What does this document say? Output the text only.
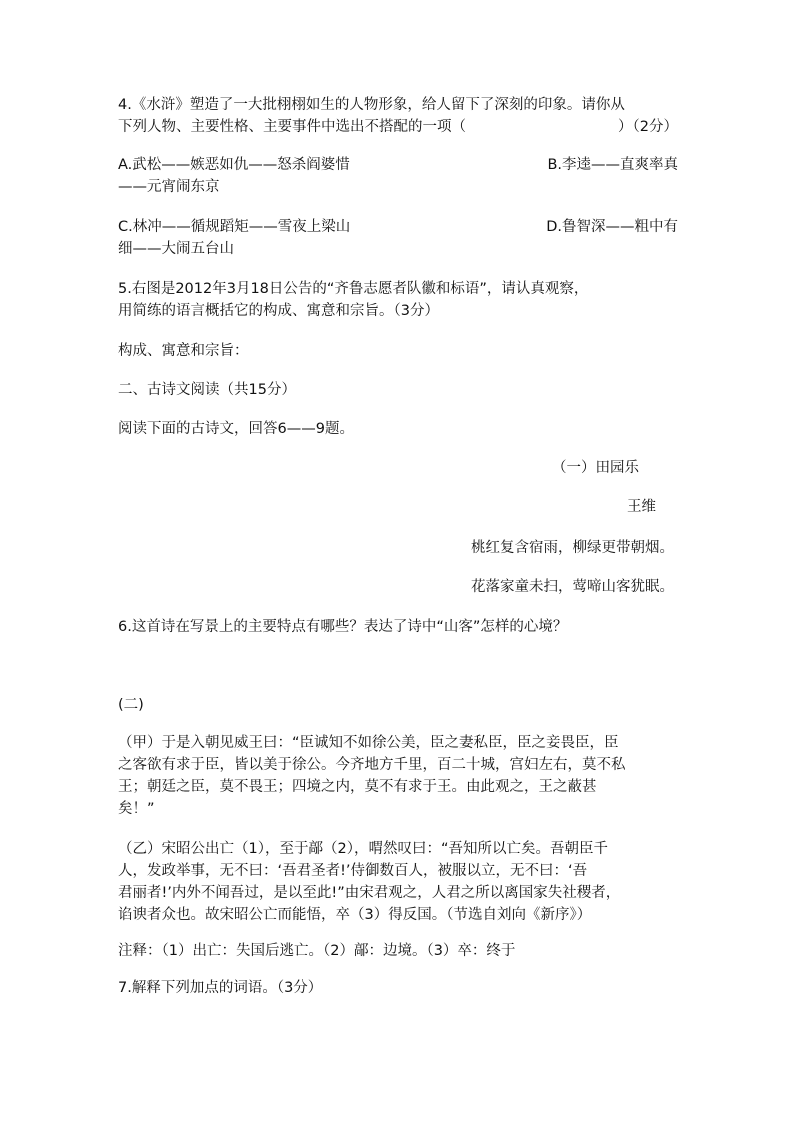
4.《水浒》塑造了一大批栩栩如生的人物形象，给人留下了深刻的印象。请你从
下列人物、主要性格、主要事件中选出不搭配的一项（	）（2分）
A.武松——嫉恶如仇——怒杀阎婆惜	B.李逵——直爽率真
——元宵闹东京
C.林冲——循规蹈矩——雪夜上梁山	D.鲁智深——粗中有
细——大闹五台山
5.右图是2012年3月18日公告的“齐鲁志愿者队徽和标语”，请认真观察，
用简练的语言概括它的构成、寓意和宗旨。（3分）
构成、寓意和宗旨：
二、古诗文阅读（共15分）
阅读下面的古诗文，回答6——9题。
（一）田园乐
王维
桃红复含宿雨，柳绿更带朝烟。
花落家童未扫，莺啼山客犹眠。
6.这首诗在写景上的主要特点有哪些？表达了诗中“山客”怎样的心境？
(二)
（甲）于是入朝见威王曰：“臣诚知不如徐公美，臣之妻私臣，臣之妾畏臣，臣
之客欲有求于臣，皆以美于徐公。今齐地方千里，百二十城，宫妇左右，莫不私
王；朝廷之臣，莫不畏王；四境之内，莫不有求于王。由此观之，王之蔽甚
矣！”
（乙）宋昭公出亡（1），至于鄗（2），喟然叹曰：“吾知所以亡矣。吾朝臣千
人，发政举事，无不曰：‘吾君圣者!’侍御数百人，被服以立，无不曰：‘吾
君丽者!’内外不闻吾过，是以至此!”由宋君观之，人君之所以离国家失社稷者，
谄谀者众也。故宋昭公亡而能悟，卒（3）得反国。（节选自刘向《新序》）
注释：（1）出亡：失国后逃亡。（2）鄗：边境。（3）卒：终于
7.解释下列加点的词语。（3分）
